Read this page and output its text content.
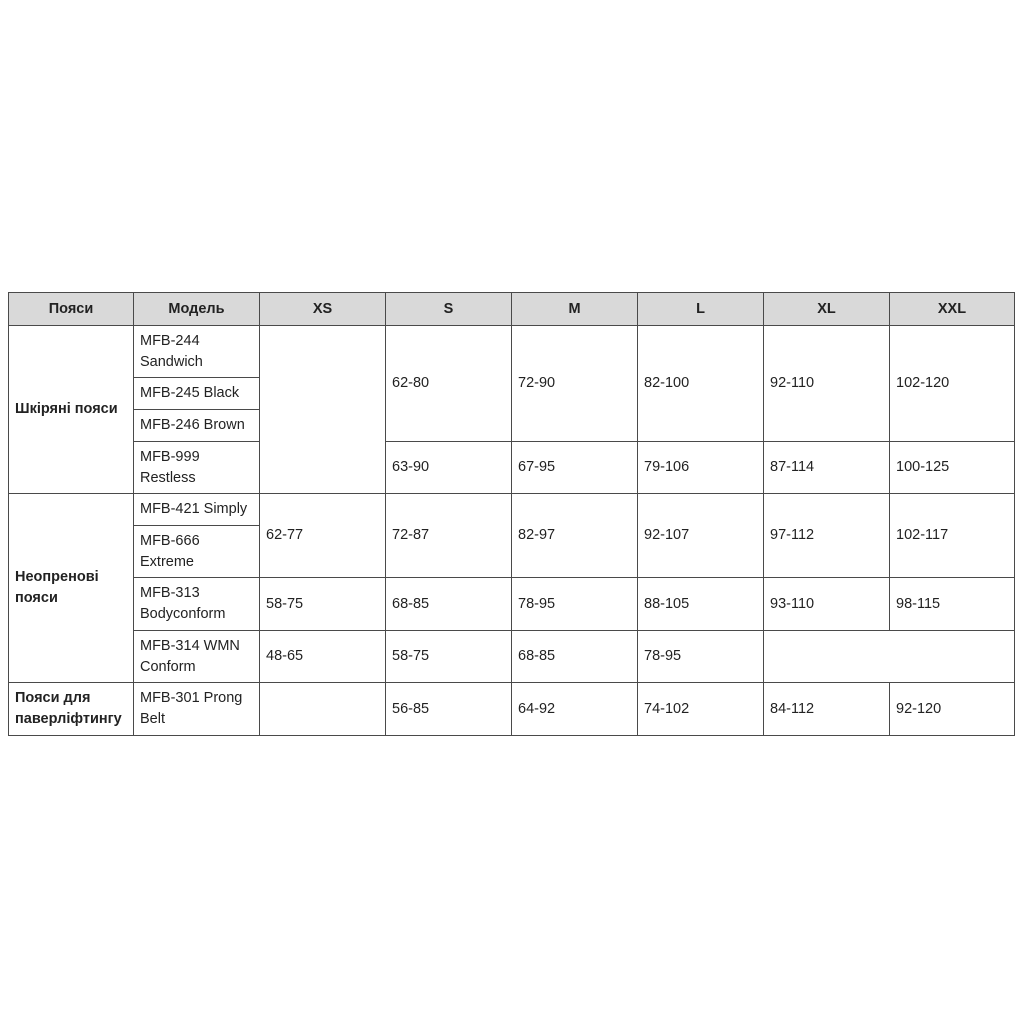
Пояси	Модель	XS	S	M	L	XL	XXL
Шкіряні пояси	MFB-244 Sandwich		62-80	72-90	82-100	92-110	102-120
	MFB-245 Black						
	MFB-246 Brown						
	MFB-999 Restless		63-90	67-95	79-106	87-114	100-125
Неопренові пояси	MFB-421 Simply	62-77	72-87	82-97	92-107	97-112	102-117
	MFB-666 Extreme						
	MFB-313 Bodyconform	58-75	68-85	78-95	88-105	93-110	98-115
	MFB-314 WMN Conform	48-65	58-75	68-85	78-95		
Пояси для паверліфтингу	MFB-301 Prong Belt		56-85	64-92	74-102	84-112	92-120
